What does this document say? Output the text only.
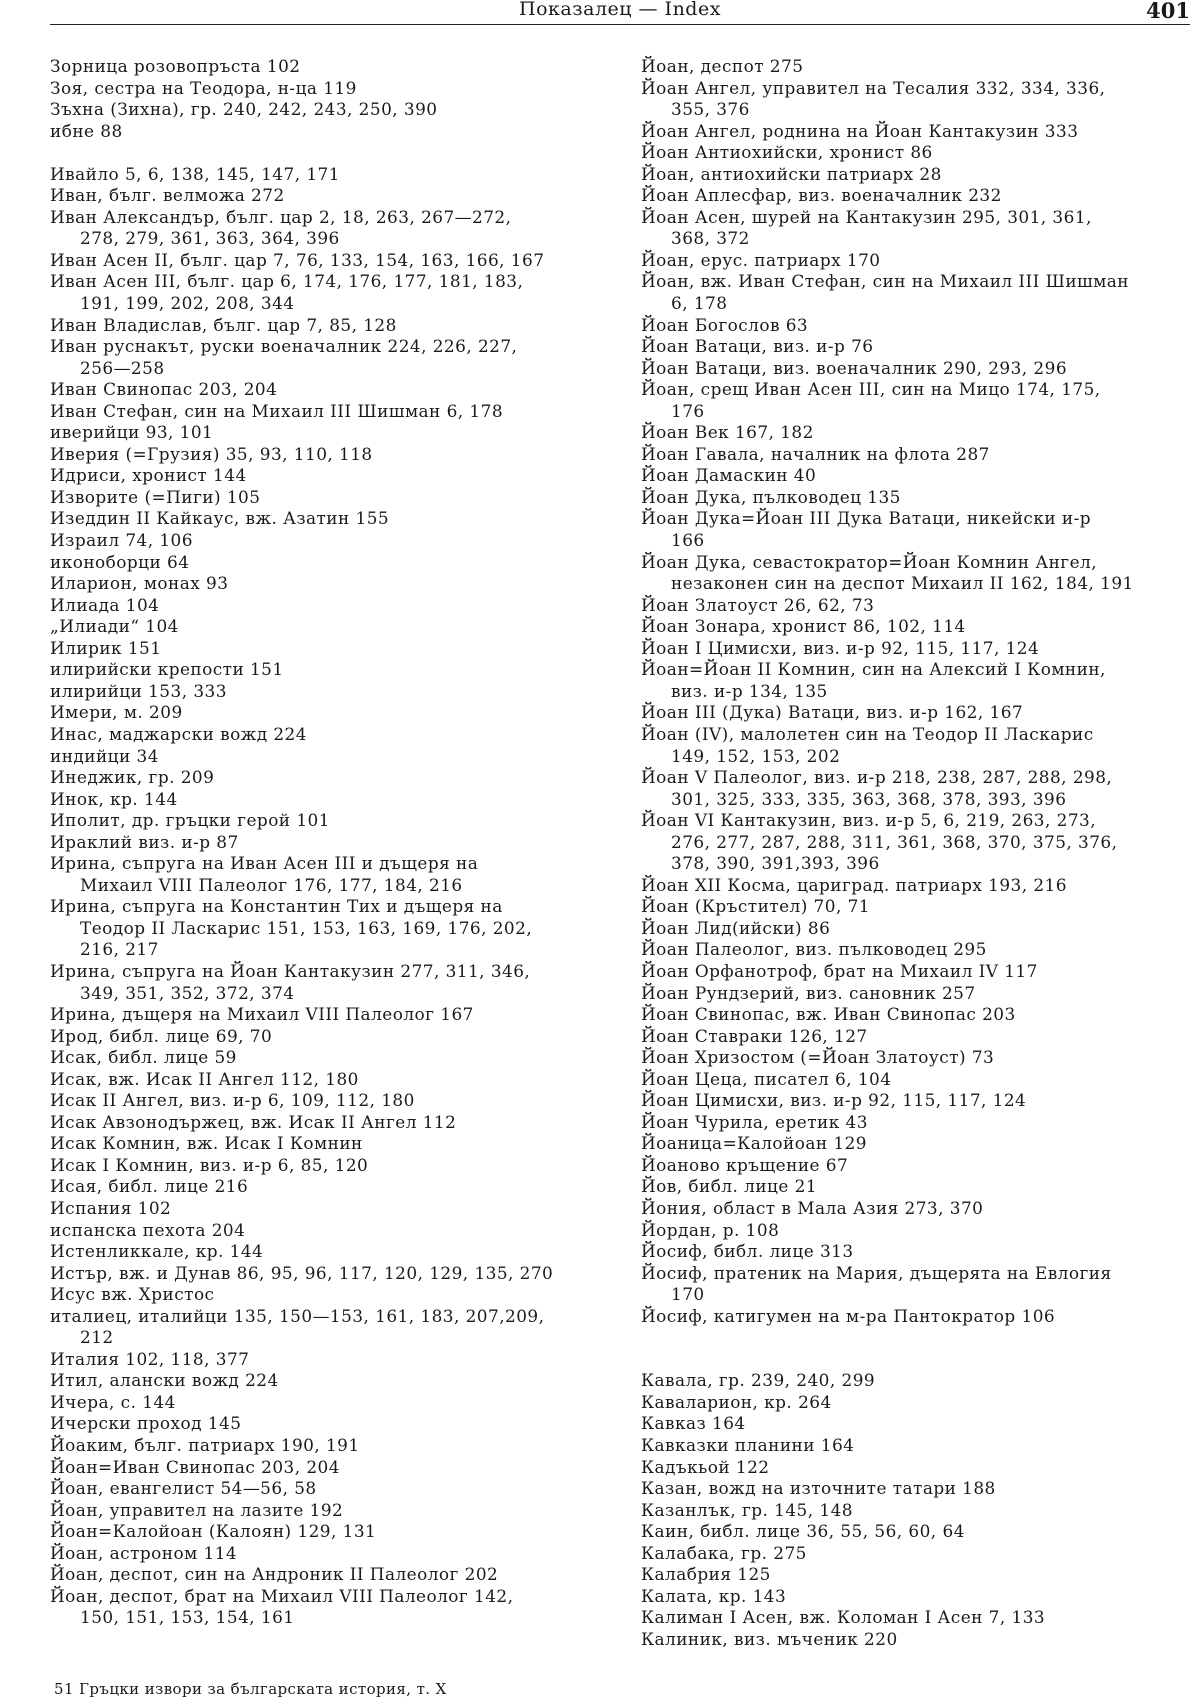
Показалец — Index	401
Зорница розовопръста 102
Зоя, сестра на Теодора, н-ца 119
Зъхна (Зихна), гр. 240, 242, 243, 250, 390
ибне 88
Ивайло 5, 6, 138, 145, 147, 171
Иван, бълг. велможа 272
Иван Александър, бълг. цар 2, 18, 263, 267—272,
278, 279, 361, 363, 364, 396
Иван Асен II, бълг. цар 7, 76, 133, 154, 163, 166, 167
Иван Асен III, бълг. цар 6, 174, 176, 177, 181, 183,
191, 199, 202, 208, 344
Иван Владислав, бълг. цар 7, 85, 128
Иван руснакът, руски военачалник 224, 226, 227,
256—258
Иван Свинопас 203, 204
Иван Стефан, син на Михаил III Шишман 6, 178
иверийци 93, 101
Иверия (=Грузия) 35, 93, 110, 118
Идриси, хронист 144
Изворите (=Пиги) 105
Изеддин II Кайкаус, вж. Азатин 155
Израил 74, 106
иконоборци 64
Иларион, монах 93
Илиада 104
„Илиади“ 104
Илирик 151
илирийски крепости 151
илирийци 153, 333
Имери, м. 209
Инас, маджарски вожд 224
индийци 34
Инеджик, гр. 209
Инок, кр. 144
Иполит, др. гръцки герой 101
Ираклий виз. и-р 87
Ирина, съпруга на Иван Асен III и дъщеря на
Михаил VIII Палеолог 176, 177, 184, 216
Ирина, съпруга на Константин Тих и дъщеря на
Теодор II Ласкарис 151, 153, 163, 169, 176, 202,
216, 217
Ирина, съпруга на Йоан Кантакузин 277, 311, 346,
349, 351, 352, 372, 374
Ирина, дъщеря на Михаил VIII Палеолог 167
Ирод, библ. лице 69, 70
Исак, библ. лице 59
Исак, вж. Исак II Ангел 112, 180
Исак II Ангел, виз. и-р 6, 109, 112, 180
Исак Авзонодържец, вж. Исак II Ангел 112
Исак Комнин, вж. Исак I Комнин
Исак I Комнин, виз. и-р 6, 85, 120
Исая, библ. лице 216
Испания 102
испанска пехота 204
Истенликкале, кр. 144
Истър, вж. и Дунав 86, 95, 96, 117, 120, 129, 135, 270
Исус вж. Христос
италиец, италийци 135, 150—153, 161, 183, 207,209,
212
Италия 102, 118, 377
Итил, алански вожд 224
Ичера, с. 144
Ичерски проход 145
Йоаким, бълг. патриарх 190, 191
Йоан=Иван Свинопас 203, 204
Йоан, евангелист 54—56, 58
Йоан, управител на лазите 192
Йоан=Калойоан (Калоян) 129, 131
Йоан, астроном 114
Йоан, деспот, син на Андроник II Палеолог 202
Йоан, деспот, брат на Михаил VIII Палеолог 142,
150, 151, 153, 154, 161
Йоан, деспот 275
Йоан Ангел, управител на Тесалия 332, 334, 336,
355, 376
Йоан Ангел, роднина на Йоан Кантакузин 333
Йоан Антиохийски, хронист 86
Йоан, антиохийски патриарх 28
Йоан Аплесфар, виз. военачалник 232
Йоан Асен, шурей на Кантакузин 295, 301, 361,
368, 372
Йоан, ерус. патриарх 170
Йоан, вж. Иван Стефан, син на Михаил III Шишман
6, 178
Йоан Богослов 63
Йоан Ватаци, виз. и-р 76
Йоан Ватаци, виз. военачалник 290, 293, 296
Йоан, срещ Иван Асен III, син на Мицо 174, 175,
176
Йоан Век 167, 182
Йоан Гавала, началник на флота 287
Йоан Дамаскин 40
Йоан Дука, пълководец 135
Йоан Дука=Йоан III Дука Ватаци, никейски и-р
166
Йоан Дука, севастократор=Йоан Комнин Ангел,
незаконен син на деспот Михаил II 162, 184, 191
Йоан Златоуст 26, 62, 73
Йоан Зонара, хронист 86, 102, 114
Йоан I Цимисхи, виз. и-р 92, 115, 117, 124
Йоан=Йоан II Комнин, син на Алексий I Комнин,
виз. и-р 134, 135
Йоан III (Дука) Ватаци, виз. и-р 162, 167
Йоан (IV), малолетен син на Теодор II Ласкарис
149, 152, 153, 202
Йоан V Палеолог, виз. и-р 218, 238, 287, 288, 298,
301, 325, 333, 335, 363, 368, 378, 393, 396
Йоан VI Кантакузин, виз. и-р 5, 6, 219, 263, 273,
276, 277, 287, 288, 311, 361, 368, 370, 375, 376,
378, 390, 391,393, 396
Йоан XII Косма, цариград. патриарх 193, 216
Йоан (Кръстител) 70, 71
Йоан Лид(ийски) 86
Йоан Палеолог, виз. пълководец 295
Йоан Орфанотроф, брат на Михаил IV 117
Йоан Рундзерий, виз. сановник 257
Йоан Свинопас, вж. Иван Свинопас 203
Йоан Ставраки 126, 127
Йоан Хризостом (=Йоан Златоуст) 73
Йоан Цеца, писател 6, 104
Йоан Цимисхи, виз. и-р 92, 115, 117, 124
Йоан Чурила, еретик 43
Йоаница=Калойоан 129
Йоаново кръщение 67
Йов, библ. лице 21
Йония, област в Мала Азия 273, 370
Йордан, р. 108
Йосиф, библ. лице 313
Йосиф, пратеник на Мария, дъщерята на Евлогия
170
Йосиф, катигумен на м-ра Пантократор 106
Кавала, гр. 239, 240, 299
Каваларион, кр. 264
Кавказ 164
Кавказки планини 164
Кадъкьой 122
Казан, вожд на източните татари 188
Казанлък, гр. 145, 148
Каин, библ. лице 36, 55, 56, 60, 64
Калабака, гр. 275
Калабрия 125
Калата, кр. 143
Калиман I Асен, вж. Коломан I Асен 7, 133
Калиник, виз. мъченик 220
51 Гръцки извори за българската история, т. X
